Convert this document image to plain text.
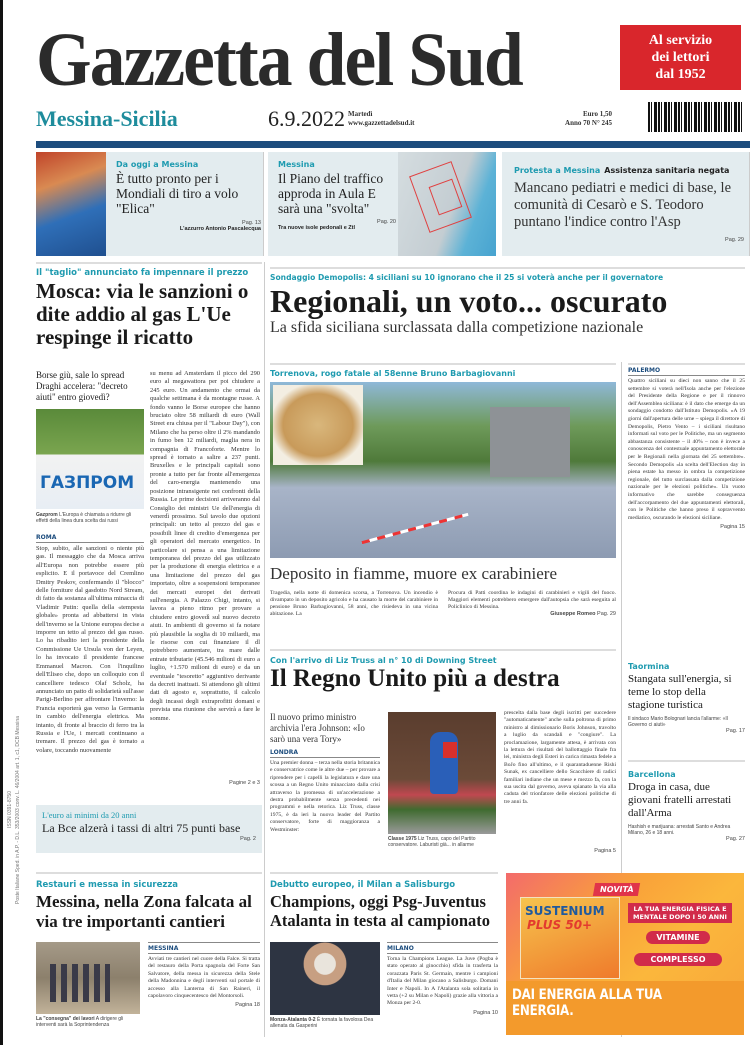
ISSN 0391-8750 Poste Italiane Sped. in A.P. - D.L. 353/2003 conv. L. 46/2004 art. 1, c1, DCB Messina
Gazzetta del Sud	Al servizio
dei lettori
dal 1952
Messina-Sicilia	6.9.2022 Martedì
www.gazzettadelsud.it
Euro 1,50
Anno 70 N° 245
Da oggi a Messina
È tutto pronto per i Mondiali di tiro a volo "Elica"
Pag. 13
L'azzurro Antonio Pascalecqua
Messina
Il Piano del traffico approda in Aula E sarà una "svolta"
Pag. 20
Tra nuove isole pedonali e Ztl
Protesta a Messina Assistenza sanitaria negata
Mancano pediatri e medici di base, le comunità di Cesarò e S. Teodoro puntano l'indice contro l'Asp
Pag. 29
Il "taglio" annunciato fa impennare il prezzo
Mosca: via le sanzioni o dite addio al gas L'Ue respinge il ricatto
Borse giù, sale lo spread Draghi accelera: "decreto aiuti" entro giovedì?
ГАЗПРОМ
Gazprom L'Europa è chiamata a ridurre gli effetti della linea dura scelta dai russi
ROMA
Stop, subito, alle sanzioni o niente più gas. Il messaggio che da Mosca arriva all'Europa non potrebbe essere più esplicito. E il portavoce del Cremlino Dmitry Peskov, confermando il "blocco" delle forniture dal gasdotto Nord Stream, di fatto da sostanza all'ultima minaccia di Vladimir Putin: quella della «tempesta globale» pronta ad abbattersi in vista dell'inverno se la Unione europea decise a imporre un tetto al prezzo del gas russo. Lo ha ribadito ieri la presidente della Commissione Ue Ursula von der Leyen, lo ha invocato il presidente francese Emmanuel Macron. Con l'inquilino dell'Eliseo che, dopo un colloquio con il cancelliere tedesco Olaf Scholz, ha annunciato un patto di solidarietà sull'asse Parigi-Berlino per affrontare l'inverno: la Francia esporterà gas verso la Germania in cambio dell'energia elettrica. Ma intanto, di fronte al braccio di ferro tra la Russia e l'Ue, i mercati continuano a tremare. Il prezzo del gas è tornato a volare, toccando nuovamente
su menu ad Amsterdam il picco del 290 euro al megawattora per poi chiudere a 245 euro. Un andamento che ormai da qualche settimana è da montagne russe. A fondo vanno le Borse europee che hanno bruciato oltre 58 miliardi di euro (Wall Street era chiusa per il "Labour Day"), con Milano che ha perso oltre il 2% mandando in fumo ben 12 miliardi, maglia nera in compagnia di Francoforte. Mentre lo spread è tornato a salire a 237 punti. Bruxelles e le principali capitali sono pronte a tutto per far fronte all'emergenza del caro-energia mantenendo una posizione intransigente nei confronti della Russia. Le prime decisioni arriveranno dal Consiglio dei ministri Ue dell'energia di venerdì prossimo. Sul tavolo due opzioni principali: un tetto al prezzo del gas e possibili linee di credito d'emergenza per gli operatori del mercato energetico. In particolare si pensa a una limitazione temporanea del prezzo del gas utilizzato per la produzione di energia elettrica e a una limitazione del prezzo del gas importato, oltre a sospensioni temporanee dei mercati europei dei derivati sull'energia. A Palazzo Chigi, intanto, si lavora a pieno ritmo per provare a chiudere entro giovedì sul nuovo decreto aiuti. In ambienti di governo si fa notare più plausibile la soglia di 10 miliardi, ma le risorse con cui finanziare il dl potrebbero aumentare, tra mare dalle entrate tributarie (45.546 milioni di euro a luglio, +1.570 milioni di euro) e da un eventuale "tesoretto" aggiuntivo derivante da decreti inattuati. Si attendono gli ultimi dati di agosto e, soprattutto, il calcolo degli incassi degli extraprofitti domani e prevista una riunione che servirà a fare le somme.
Pagine 2 e 3
L'euro ai minimi da 20 anni
La Bce alzerà i tassi di altri 75 punti base
Pag. 2
Sondaggio Demopolis: 4 siciliani su 10 ignorano che il 25 si voterà anche per il governatore
Regionali, un voto... oscurato
La sfida siciliana surclassata dalla competizione nazionale
Torrenova, rogo fatale al 58enne Bruno Barbagiovanni
Deposito in fiamme, muore ex carabiniere
Tragedia, nella notte di domenica scorsa, a Torrenova. Un incendio è divampato in un deposito agricolo e ha causato la morte del carabiniere in pensione Bruno Barbagiovanni, 58 anni, che risiedeva in una vicina abitazione. La
Procura di Patti coordina le indagini di carabinieri e vigili del fuoco. Maggiori elementi potrebbero emergere dall'autopsia che sarà eseguita al Policlinico di Messina.
Giuseppe Romeo Pag. 29
PALERMO
Quattro siciliani su dieci non sanno che il 25 settembre si voterà nell'Isola anche per l'elezione del Presidente della Regione e per il rinnovo dell'Assemblea siciliana: è il dato che emerge da un sondaggio condotto dall'Istituto Demopolis. «A 19 giorni dall'apertura delle urne – spiega il direttore di Demopolis, Pietro Vento – i siciliani risultano informati sul voto per le Politiche, ma un segmento abbastanza consistente – il 40% – non è invece a conoscenza del contestuale appuntamento elettorale per le Regionali nella giornata del 25 settembre». Secondo Demopolis «la scelta dell'Election day in piena estate ha messo in ombra la competizione regionale, del tutto surclassata dalla competizione nazionale per le elezioni politiche». Un vuoto informativo che sarebbe conseguenza dell'accorpamento del due appuntamenti elettorali, con le Politiche che hanno preso il sopravvento mediatico, oscurando le elezioni siciliane.
Pagina 15
Con l'arrivo di Liz Truss al n° 10 di Downing Street
Il Regno Unito più a destra
Il nuovo primo ministro archivia l'era Johnson: «Io sarò una vera Tory»
LONDRA
Una premier donna – terza nella storia britannica e conservatrice come le altre due – per provare a riprendere per i capelli la legislatura e dare una scossa a un Regno Unito minacciato dalla crisi attraverso la promessa di un'accelerazione a destra probabilmente senza precedenti nei programmi e nella retorica. Liz Truss, classe 1975, è da ieri la nuova leader del Partito conservatore, forte di maggioranza a Westminster:
Classe 1975 Liz Truss, capo del Partito conservatore. Laburisti già... in allarme
prescelta dalla base degli iscritti per succedere "automaticamente" anche sulla poltrona di primo ministro al dimissionario Boris Johnson, travolto a luglio da scandali e "congiure". La proclamazione, largamente attesa, è arrivata con la lettura dei risultati del ballottaggio finale fra lei, ministra degli Esteri in carica rimasta fedele a BoJo fino all'ultimo, e il quarantaduenne Rishi Sunak, ex cancelliere dello Scacchiere di radici familiari indiane che un mese e mezzo fa, con la sua uscita dal governo, aveva spianato la via alla caduta del trionfatore delle elezioni politiche di tre anni fa.
Pagina 5
Taormina
Stangata sull'energia, si teme lo stop della stagione turistica
Il sindaco Mario Bolognari lancia l'allarme: «Il Governo ci aiuti»
Pag. 17
Barcellona
Droga in casa, due giovani fratelli arrestati dall'Arma
Hashish e marijuana: arrestati Santo e Andrea Milano, 26 e 18 anni.
Pag. 27
Restauri e messa in sicurezza
Messina, nella Zona falcata al via tre importanti cantieri
La "consegna" dei lavori A dirigere gli interventi sarà la Soprintendenza
MESSINA
Avviati tre cantieri nel cuore della Falce. Si tratta del restauro della Porta spagnola del Forte San Salvatore, della messa in sicurezza della Stele della Madonnina e degli interventi sul portale di accesso alla Lanterna di San Raineri, il capolavoro cinquecentesco del Montorsoli.
Pagina 18
Debutto europeo, il Milan a Salisburgo
Champions, oggi Psg-Juventus Atalanta in testa al campionato
Monza-Atalanta 0-2 È tornata la favolosa Dea allenata da Gasperini
MILANO
Torna la Champions League. La Juve (Pogba è stato operato al ginocchio) sfida in trasferta la corazzata Paris St. Germain, mentre i campioni d'Italia del Milan giocano a Salisburgo. Domani Inter e Napoli. In A l'Atalanta sola solitaria in vetta (+2 su Milan e Napoli) grazie alla vittoria a Monza per 2-0.
Pagina 10
NOVITÀ
SUSTENIUM
PLUS 50+
LA TUA ENERGIA FISICA E MENTALE DOPO I 50 ANNI
VITAMINE
COMPLESSO
DAI ENERGIA ALLA TUA ENERGIA.
